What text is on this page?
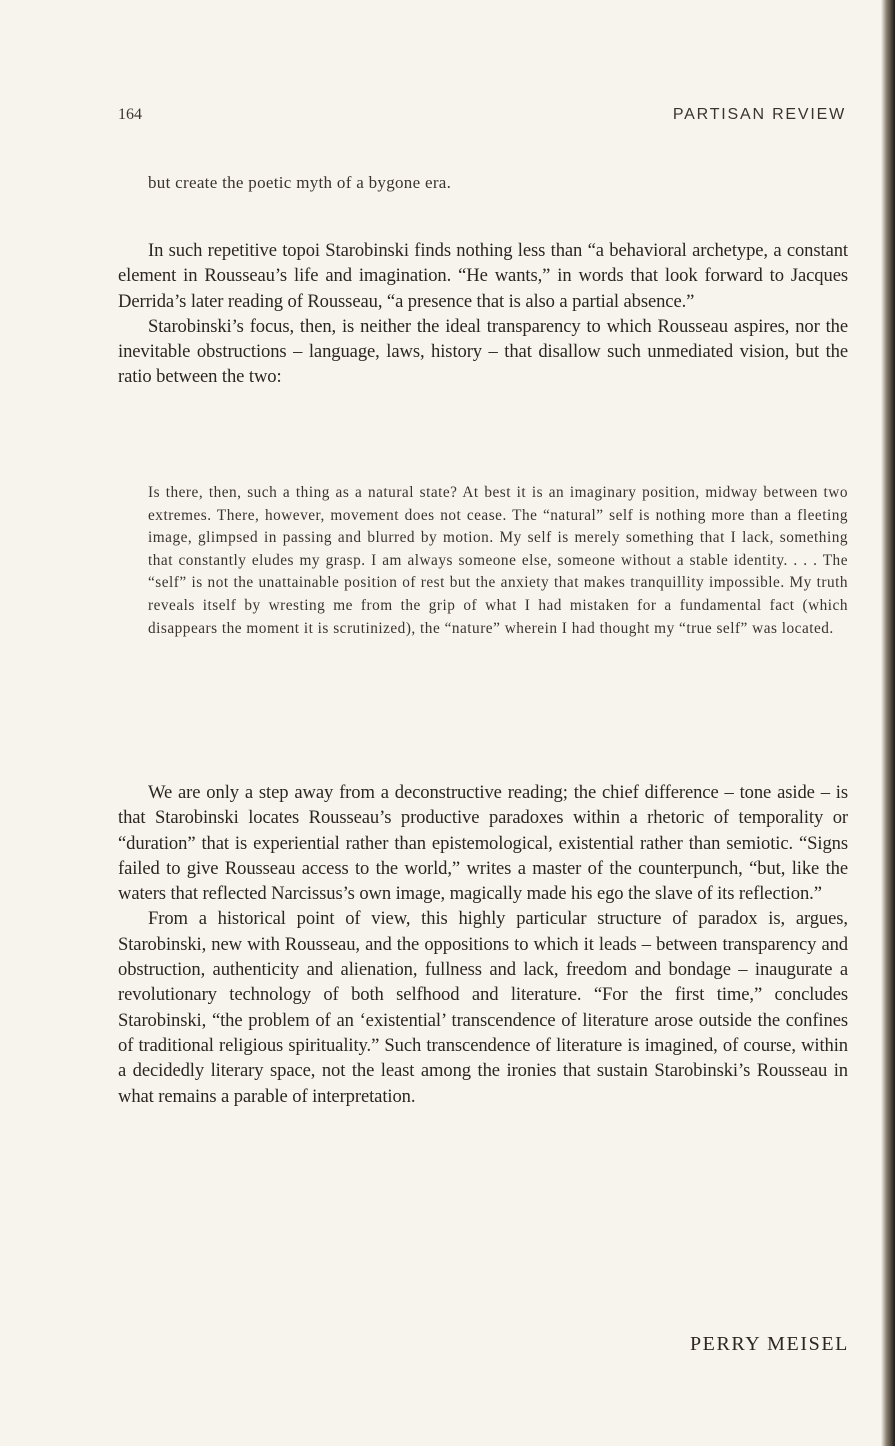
164	PARTISAN REVIEW

but create the poetic myth of a bygone era.

In such repetitive topoi Starobinski finds nothing less than “a behavioral archetype, a constant element in Rousseau’s life and imagination. “He wants,” in words that look forward to Jacques Derrida’s later reading of Rousseau, “a presence that is also a partial absence.”

Starobinski’s focus, then, is neither the ideal transparency to which Rousseau aspires, nor the inevitable obstructions – language, laws, history – that disallow such unmediated vision, but the ratio between the two:

Is there, then, such a thing as a natural state? At best it is an imaginary position, midway between two extremes. There, however, movement does not cease. The “natural” self is nothing more than a fleeting image, glimpsed in passing and blurred by motion. My self is merely something that I lack, something that constantly eludes my grasp. I am always someone else, someone without a stable identity. . . . The “self” is not the unattainable position of rest but the anxiety that makes tranquillity impossible. My truth reveals itself by wresting me from the grip of what I had mistaken for a fundamental fact (which disappears the moment it is scrutinized), the “nature” wherein I had thought my “true self” was located.

We are only a step away from a deconstructive reading; the chief difference – tone aside – is that Starobinski locates Rousseau’s productive paradoxes within a rhetoric of temporality or “duration” that is experiential rather than epistemological, existential rather than semiotic. “Signs failed to give Rousseau access to the world,” writes a master of the counterpunch, “but, like the waters that reflected Narcissus’s own image, magically made his ego the slave of its reflection.”

From a historical point of view, this highly particular structure of paradox is, argues, Starobinski, new with Rousseau, and the oppositions to which it leads – between transparency and obstruction, authenticity and alienation, fullness and lack, freedom and bondage – inaugurate a revolutionary technology of both selfhood and literature. “For the first time,” concludes Starobinski, “the problem of an ‘existential’ transcendence of literature arose outside the confines of traditional religious spirituality.” Such transcendence of literature is imagined, of course, within a decidedly literary space, not the least among the ironies that sustain Starobinski’s Rousseau in what remains a parable of interpretation.

PERRY MEISEL
